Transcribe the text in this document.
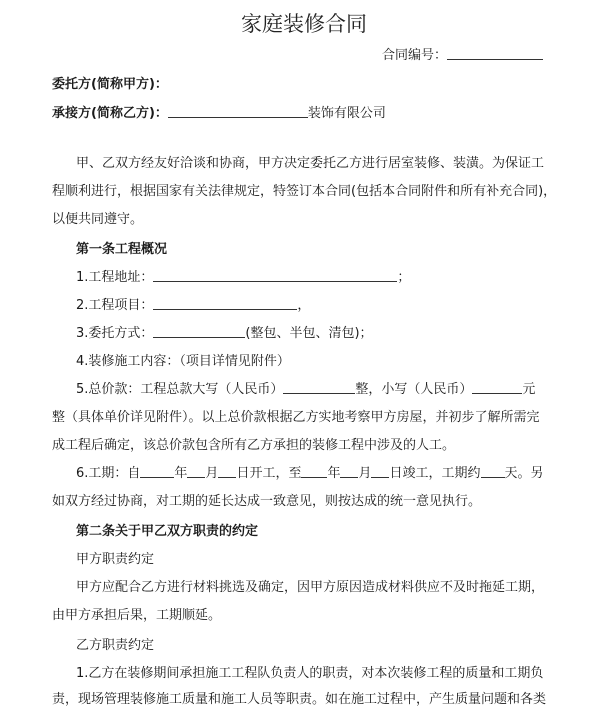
家庭装修合同
合同编号：
委托方(简称甲方)：
承接方(简称乙方)：	装饰有限公司
甲、乙双方经友好洽谈和协商，甲方决定委托乙方进行居室装修、装潢。为保证工
程顺利进行，根据国家有关法律规定，特签订本合同(包括本合同附件和所有补充合同)，
以便共同遵守。
第一条工程概况
1.工程地址：	；
2.工程项目：	，
3.委托方式：	(整包、半包、清包)；
4.装修施工内容：（项目详情见附件）
5.总价款：工程总款大写（人民币）	整，小写（人民币）	元
整（具体单价详见附件）。以上总价款根据乙方实地考察甲方房屋，并初步了解所需完
成工程后确定，该总价款包含所有乙方承担的装修工程中涉及的人工。
6.工期：自	年 月 日开工，至 年 月 日竣工，工期约 天。另
如双方经过协商，对工期的延长达成一致意见，则按达成的统一意见执行。
第二条关于甲乙双方职责的约定
甲方职责约定
甲方应配合乙方进行材料挑选及确定，因甲方原因造成材料供应不及时拖延工期，
由甲方承担后果，工期顺延。
乙方职责约定
1.乙方在装修期间承担施工工程队负责人的职责，对本次装修工程的质量和工期负
责，现场管理装修施工质量和施工人员等职责。如在施工过程中，产生质量问题和各类
